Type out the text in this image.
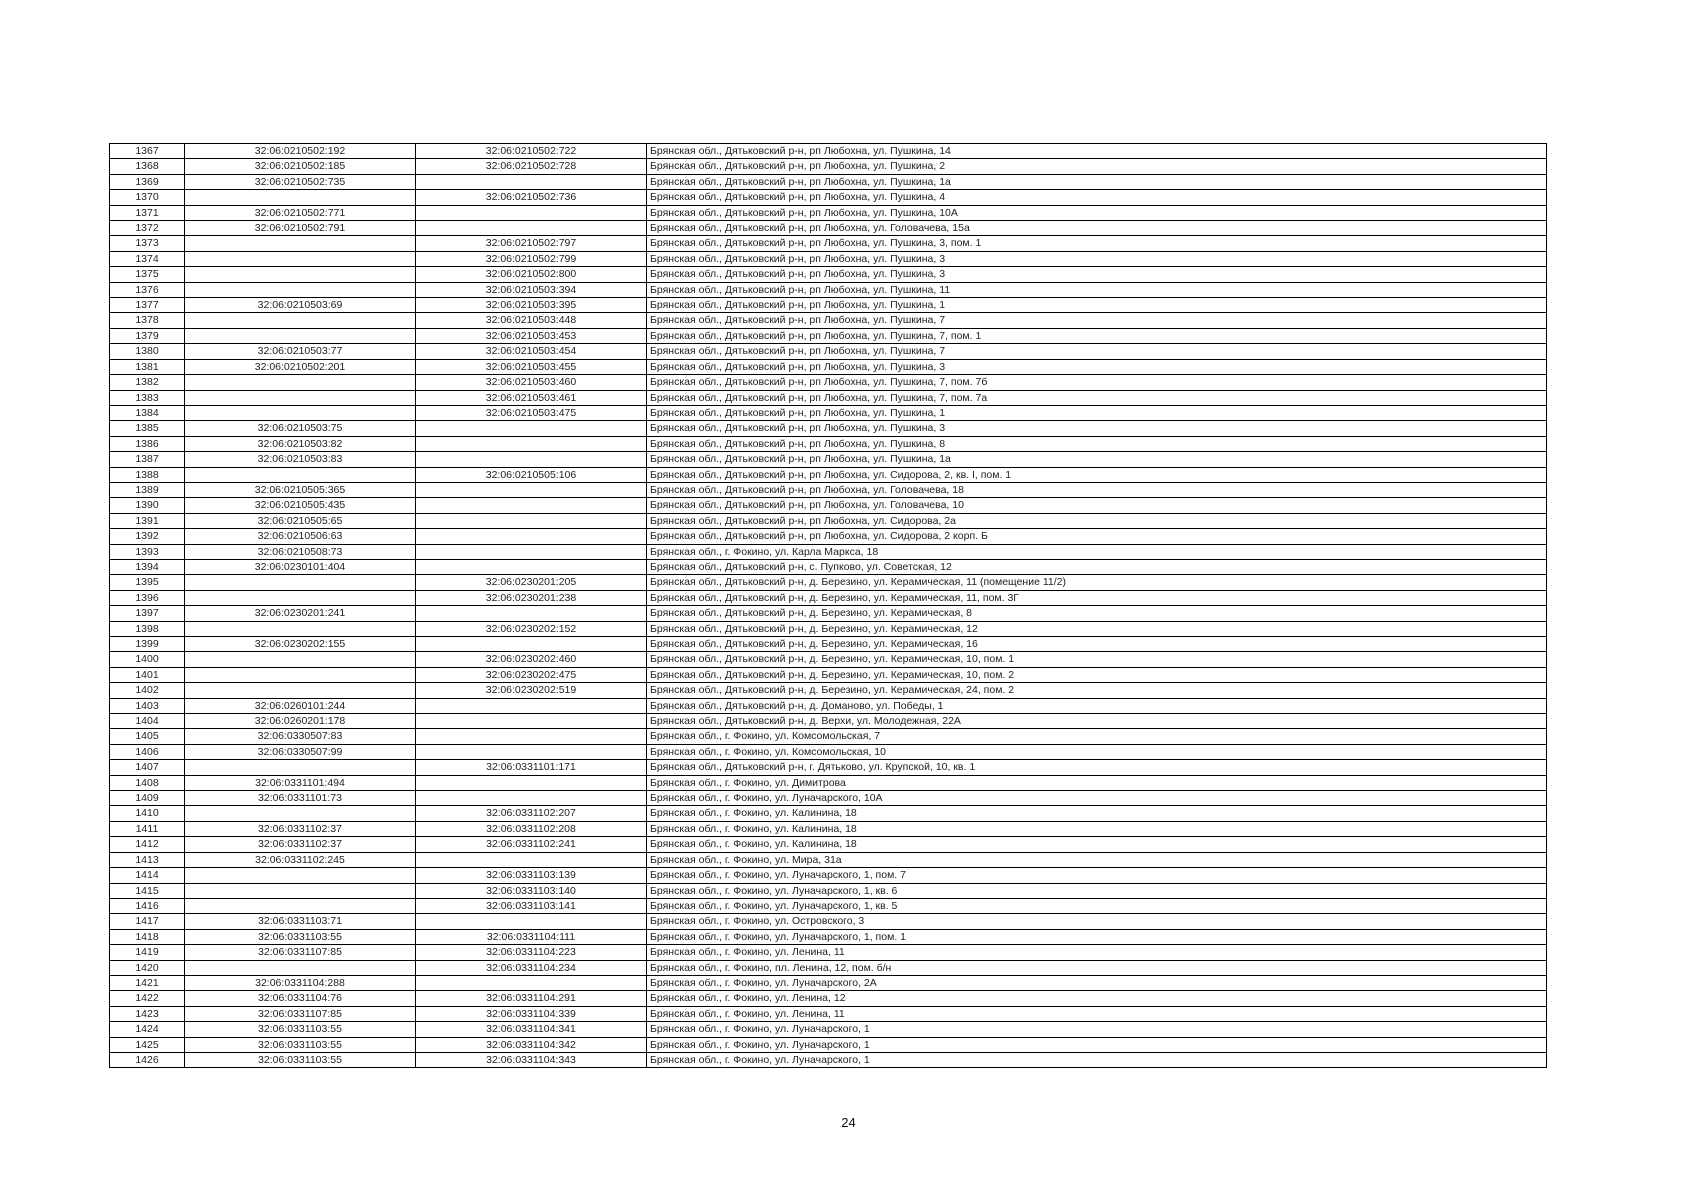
1367	32:06:0210502:192	32:06:0210502:722	Брянская обл., Дятьковский р-н, рп Любохна, ул. Пушкина, 14
1368	32:06:0210502:185	32:06:0210502:728	Брянская обл., Дятьковский р-н, рп Любохна, ул. Пушкина, 2
1369	32:06:0210502:735		Брянская обл., Дятьковский р-н, рп Любохна, ул. Пушкина, 1а
1370		32:06:0210502:736	Брянская обл., Дятьковский р-н, рп Любохна, ул. Пушкина, 4
1371	32:06:0210502:771		Брянская обл., Дятьковский р-н, рп Любохна, ул. Пушкина, 10А
1372	32:06:0210502:791		Брянская обл., Дятьковский р-н, рп Любохна, ул. Головачева, 15а
1373		32:06:0210502:797	Брянская обл., Дятьковский р-н, рп Любохна, ул. Пушкина, 3, пом. 1
1374		32:06:0210502:799	Брянская обл., Дятьковский р-н, рп Любохна, ул. Пушкина, 3
1375		32:06:0210502:800	Брянская обл., Дятьковский р-н, рп Любохна, ул. Пушкина, 3
1376		32:06:0210503:394	Брянская обл., Дятьковский р-н, рп Любохна, ул. Пушкина, 11
1377	32:06:0210503:69	32:06:0210503:395	Брянская обл., Дятьковский р-н, рп Любохна, ул. Пушкина, 1
1378		32:06:0210503:448	Брянская обл., Дятьковский р-н, рп Любохна, ул. Пушкина, 7
1379		32:06:0210503:453	Брянская обл., Дятьковский р-н, рп Любохна, ул. Пушкина, 7, пом. 1
1380	32:06:0210503:77	32:06:0210503:454	Брянская обл., Дятьковский р-н, рп Любохна, ул. Пушкина, 7
1381	32:06:0210502:201	32:06:0210503:455	Брянская обл., Дятьковский р-н, рп Любохна, ул. Пушкина, 3
1382		32:06:0210503:460	Брянская обл., Дятьковский р-н, рп Любохна, ул. Пушкина, 7, пом. 7б
1383		32:06:0210503:461	Брянская обл., Дятьковский р-н, рп Любохна, ул. Пушкина, 7, пом. 7а
1384		32:06:0210503:475	Брянская обл., Дятьковский р-н, рп Любохна, ул. Пушкина, 1
1385	32:06:0210503:75		Брянская обл., Дятьковский р-н, рп Любохна, ул. Пушкина, 3
1386	32:06:0210503:82		Брянская обл., Дятьковский р-н, рп Любохна, ул. Пушкина, 8
1387	32:06:0210503:83		Брянская обл., Дятьковский р-н, рп Любохна, ул. Пушкина, 1а
1388		32:06:0210505:106	Брянская обл., Дятьковский р-н, рп Любохна, ул. Сидорова, 2, кв. I, пом. 1
1389	32:06:0210505:365		Брянская обл., Дятьковский р-н, рп Любохна, ул. Головачева, 18
1390	32:06:0210505:435		Брянская обл., Дятьковский р-н, рп Любохна, ул. Головачева, 10
1391	32:06:0210505:65		Брянская обл., Дятьковский р-н, рп Любохна, ул. Сидорова, 2а
1392	32:06:0210506:63		Брянская обл., Дятьковский р-н, рп Любохна, ул. Сидорова, 2 корп. Б
1393	32:06:0210508:73		Брянская обл., г. Фокино, ул. Карла Маркса, 18
1394	32:06:0230101:404		Брянская обл., Дятьковский р-н, с. Пупково, ул. Советская, 12
1395		32:06:0230201:205	Брянская обл., Дятьковский р-н, д. Березино, ул. Керамическая, 11 (помещение 11/2)
1396		32:06:0230201:238	Брянская обл., Дятьковский р-н, д. Березино, ул. Керамическая, 11, пом. 3Г
1397	32:06:0230201:241		Брянская обл., Дятьковский р-н, д. Березино, ул. Керамическая, 8
1398		32:06:0230202:152	Брянская обл., Дятьковский р-н, д. Березино, ул. Керамическая, 12
1399	32:06:0230202:155		Брянская обл., Дятьковский р-н, д. Березино, ул. Керамическая, 16
1400		32:06:0230202:460	Брянская обл., Дятьковский р-н, д. Березино, ул. Керамическая, 10, пом. 1
1401		32:06:0230202:475	Брянская обл., Дятьковский р-н, д. Березино, ул. Керамическая, 10, пом. 2
1402		32:06:0230202:519	Брянская обл., Дятьковский р-н, д. Березино, ул. Керамическая, 24, пом. 2
1403	32:06:0260101:244		Брянская обл., Дятьковский р-н, д. Доманово, ул. Победы, 1
1404	32:06:0260201:178		Брянская обл., Дятьковский р-н, д. Верхи, ул. Молодежная, 22А
1405	32:06:0330507:83		Брянская обл., г. Фокино, ул. Комсомольская, 7
1406	32:06:0330507:99		Брянская обл., г. Фокино, ул. Комсомольская, 10
1407		32:06:0331101:171	Брянская обл., Дятьковский р-н, г. Дятьково, ул. Крупской, 10, кв. 1
1408	32:06:0331101:494		Брянская обл., г. Фокино, ул. Димитрова
1409	32:06:0331101:73		Брянская обл., г. Фокино, ул. Луначарского, 10А
1410		32:06:0331102:207	Брянская обл., г. Фокино, ул. Калинина, 18
1411	32:06:0331102:37	32:06:0331102:208	Брянская обл., г. Фокино, ул. Калинина, 18
1412	32:06:0331102:37	32:06:0331102:241	Брянская обл., г. Фокино, ул. Калинина, 18
1413	32:06:0331102:245		Брянская обл., г. Фокино, ул. Мира, 31а
1414		32:06:0331103:139	Брянская обл., г. Фокино, ул. Луначарского, 1, пом. 7
1415		32:06:0331103:140	Брянская обл., г. Фокино, ул. Луначарского, 1, кв. 6
1416		32:06:0331103:141	Брянская обл., г. Фокино, ул. Луначарского, 1, кв. 5
1417	32:06:0331103:71		Брянская обл., г. Фокино, ул. Островского, 3
1418	32:06:0331103:55	32:06:0331104:111	Брянская обл., г. Фокино, ул. Луначарского, 1, пом. 1
1419	32:06:0331107:85	32:06:0331104:223	Брянская обл., г. Фокино, ул. Ленина, 11
1420		32:06:0331104:234	Брянская обл., г. Фокино, пл. Ленина, 12, пом. б/н
1421	32:06:0331104:288		Брянская обл., г. Фокино, ул. Луначарского, 2А
1422	32:06:0331104:76	32:06:0331104:291	Брянская обл., г. Фокино, ул. Ленина, 12
1423	32:06:0331107:85	32:06:0331104:339	Брянская обл., г. Фокино, ул. Ленина, 11
1424	32:06:0331103:55	32:06:0331104:341	Брянская обл., г. Фокино, ул. Луначарского, 1
1425	32:06:0331103:55	32:06:0331104:342	Брянская обл., г. Фокино, ул. Луначарского, 1
1426	32:06:0331103:55	32:06:0331104:343	Брянская обл., г. Фокино, ул. Луначарского, 1
24
